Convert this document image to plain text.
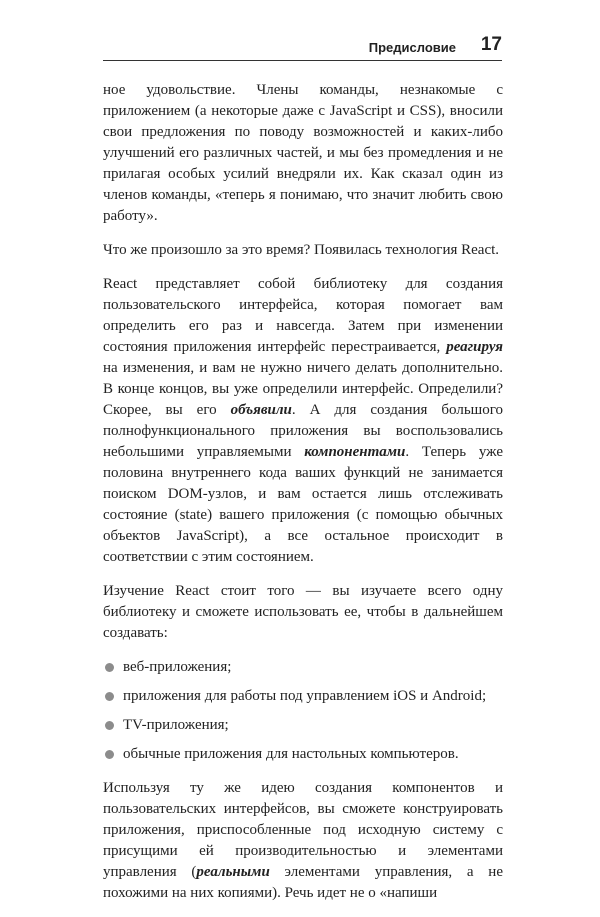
Предисловие 17

ное удовольствие. Члены команды, незнакомые с приложением (а некоторые даже с JavaScript и CSS), вносили свои предложения по поводу возможностей и каких-либо улучшений его различных частей, и мы без промедления и не прилагая особых усилий внедряли их. Как сказал один из членов команды, «теперь я понимаю, что значит любить свою работу».

Что же произошло за это время? Появилась технология React.

React представляет собой библиотеку для создания пользовательского интерфейса, которая помогает вам определить его раз и навсегда. Затем при изменении состояния приложения интерфейс перестраивается, реагируя на изменения, и вам не нужно ничего делать дополнительно. В конце концов, вы уже определили интерфейс. Определили? Скорее, вы его объявили. А для создания большого полнофункционального приложения вы воспользовались небольшими управляемыми компонентами. Теперь уже половина внутреннего кода ваших функций не занимается поиском DOM-узлов, и вам остается лишь отслеживать состояние (state) вашего приложения (с помощью обычных объектов JavaScript), а все остальное происходит в соответствии с этим состоянием.

Изучение React стоит того — вы изучаете всего одну библиотеку и сможете использовать ее, чтобы в дальнейшем создавать:

веб-приложения;
приложения для работы под управлением iOS и Android;
TV-приложения;
обычные приложения для настольных компьютеров.

Используя ту же идею создания компонентов и пользовательских интерфейсов, вы сможете конструировать приложения, приспособленные под исходную систему с присущими ей производительностью и элементами управления (реальными элементами управления, а не похожими на них копиями). Речь идет не о «напиши
